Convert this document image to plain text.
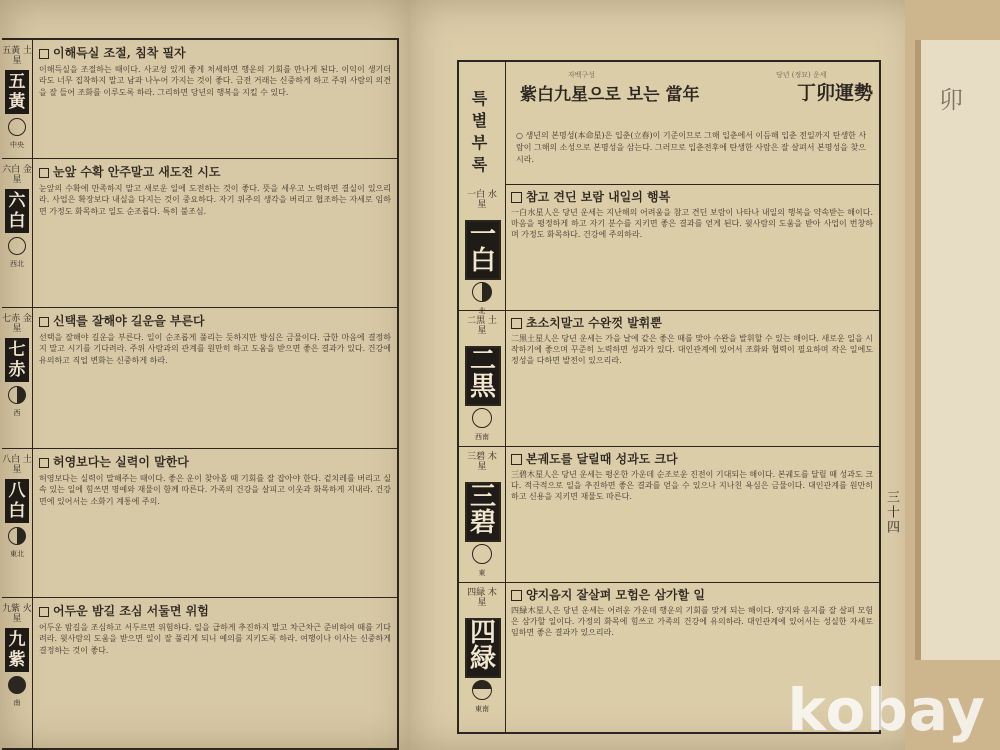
五黃 土星
五黃
中央
이해득실 조절, 침착 필자
이해득실을 조절하는 때이다. 사교성 있게 좋게 처세하면 행운의 기회를 만나게 된다. 이익이 생기더라도 너무 집착하지 말고 남과 나누어 가지는 것이 좋다. 금전 거래는 신중하게 하고 주위 사람의 의견을 잘 들어 조화를 이루도록 하라. 그리하면 당년의 행복을 지킬 수 있다.
六白 金星
六白
西北
눈앞 수확 안주말고 새도전 시도
눈앞의 수확에 만족하지 말고 새로운 일에 도전하는 것이 좋다. 뜻을 세우고 노력하면 결실이 있으리라. 사업은 확장보다 내실을 다지는 것이 중요하다. 자기 위주의 생각을 버리고 협조하는 자세로 임하면 가정도 화목하고 일도 순조롭다. 특히 불조심.
七赤 金星
七赤
西
신택를 잘해야 길운을 부른다
선택을 잘해야 길운을 부른다. 일이 순조롭게 풀리는 듯하지만 방심은 금물이다. 급한 마음에 결정하지 말고 시기를 기다려라. 주위 사람과의 관계를 원만히 하고 도움을 받으면 좋은 결과가 있다. 건강에 유의하고 직업 변화는 신중하게 하라.
八白 土星
八白
東北
허영보다는 실력이 말한다
허영보다는 실력이 말해주는 때이다. 좋은 운이 찾아올 때 기회를 잘 잡아야 한다. 겉치레를 버리고 실속 있는 일에 힘쓰면 명예와 재물이 함께 따른다. 가족의 건강을 살피고 이웃과 화목하게 지내라. 건강면에 있어서는 소화기 계통에 주의.
九紫 火星
九紫
南
어두운 밤길 조심 서둘면 위험
어두운 밤길을 조심하고 서두르면 위험하다. 일을 급하게 추진하지 말고 차근차근 준비하여 때를 기다려라. 윗사람의 도움을 받으면 일이 잘 풀리게 되니 예의를 지키도록 하라. 여행이나 이사는 신중하게 결정하는 것이 좋다.
특별부록
자백구성	당년 (정묘) 운세
紫白九星으로 보는 當年	丁卯運勢
○ 생년의 본명성(本命星)은 입춘(立春)이 기준이므로 그해 입춘에서 이듬해 입춘 전일까지 탄생한 사람이 그해의 소성으로 본명성을 삼는다. 그러므로 입춘전후에 탄생한 사람은 잘 살펴서 본명성을 찾으시라.
一白 水星
一白
北
참고 견딘 보람 내일의 행복
一白水星人은 당년 운세는 지난해의 어려움을 참고 견딘 보람이 나타나 내일의 행복을 약속받는 해이다. 마음을 평정하게 하고 자기 분수를 지키면 좋은 결과를 얻게 된다. 윗사람의 도움을 받아 사업이 번창하며 가정도 화목하다. 건강에 주의하라.
二黒 土星
二黒
西南
초소치말고 수완껏 발휘뿐
二黒土星人은 당년 운세는 가을 날에 같은 좋은 때를 맞아 수완을 발휘할 수 있는 해이다. 새로운 일을 시작하기에 좋으며 꾸준히 노력하면 성과가 있다. 대인관계에 있어서 조화와 협력이 필요하며 작은 일에도 정성을 다하면 발전이 있으리라.
三碧 木星
三碧
東
본궤도를 달릴때 성과도 크다
三碧木星人은 당년 운세는 평온한 가운데 순조로운 진전이 기대되는 해이다. 본궤도를 달릴 때 성과도 크다. 적극적으로 일을 추진하면 좋은 결과를 얻을 수 있으나 지나친 욕심은 금물이다. 대인관계를 원만히 하고 신용을 지키면 재물도 따른다.
四緑 木星
四緑
東南
양지음지 잘살펴 모험은 삼가할 일
四緑木星人은 당년 운세는 어려운 가운데 행운의 기회를 맞게 되는 해이다. 양지와 음지를 잘 살펴 모험은 삼가할 일이다. 가정의 화목에 힘쓰고 가족의 건강에 유의하라. 대인관계에 있어서는 성실한 자세로 임하면 좋은 결과가 있으리라.
三十四
卯
kobay
